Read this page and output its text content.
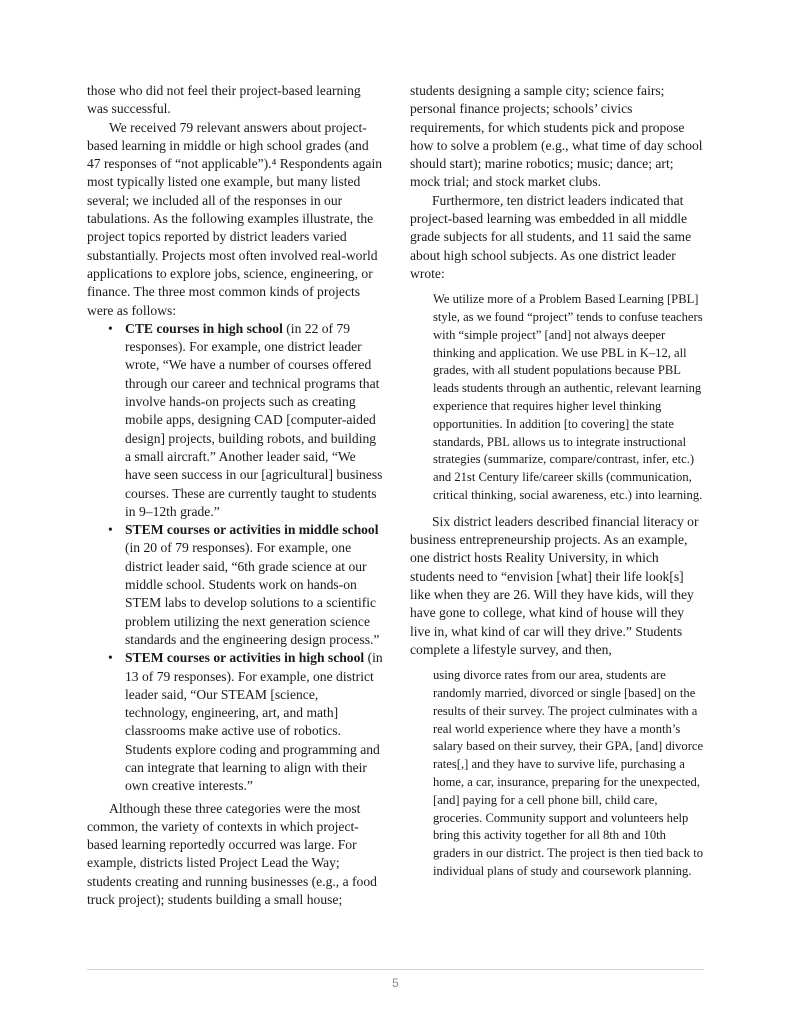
those who did not feel their project-based learning was successful.

We received 79 relevant answers about project-based learning in middle or high school grades (and 47 responses of “not applicable”).⁴ Respondents again most typically listed one example, but many listed several; we included all of the responses in our tabulations. As the following examples illustrate, the project topics reported by district leaders varied substantially. Projects most often involved real-world applications to explore jobs, science, engineering, or finance. The three most common kinds of projects were as follows:

• CTE courses in high school (in 22 of 79 responses). For example, one district leader wrote, “We have a number of courses offered through our career and technical programs that involve hands-on projects such as creating mobile apps, designing CAD [computer-aided design] projects, building robots, and building a small aircraft.” Another leader said, “We have seen success in our [agricultural] business courses. These are currently taught to students in 9–12th grade.”
• STEM courses or activities in middle school (in 20 of 79 responses). For example, one district leader said, “6th grade science at our middle school. Students work on hands-on STEM labs to develop solutions to a scientific problem utilizing the next generation science standards and the engineering design process.”
• STEM courses or activities in high school (in 13 of 79 responses). For example, one district leader said, “Our STEAM [science, technology, engineering, art, and math] classrooms make active use of robotics. Students explore coding and programming and can integrate that learning to align with their own creative interests.”

Although these three categories were the most common, the variety of contexts in which project-based learning reportedly occurred was large. For example, districts listed Project Lead the Way; students creating and running businesses (e.g., a food truck project); students building a small house;

students designing a sample city; science fairs; personal finance projects; schools’ civics requirements, for which students pick and propose how to solve a problem (e.g., what time of day school should start); marine robotics; music; dance; art; mock trial; and stock market clubs.

Furthermore, ten district leaders indicated that project-based learning was embedded in all middle grade subjects for all students, and 11 said the same about high school subjects. As one district leader wrote:

We utilize more of a Problem Based Learning [PBL] style, as we found “project” tends to confuse teachers with “simple project” [and] not always deeper thinking and application. We use PBL in K–12, all grades, with all student populations because PBL leads students through an authentic, relevant learning experience that requires higher level thinking opportunities. In addition [to covering] the state standards, PBL allows us to integrate instructional strategies (summarize, compare/contrast, infer, etc.) and 21st Century life/career skills (communication, critical thinking, social awareness, etc.) into learning.

Six district leaders described financial literacy or business entrepreneurship projects. As an example, one district hosts Reality University, in which students need to “envision [what] their life look[s] like when they are 26. Will they have kids, will they have gone to college, what kind of house will they live in, what kind of car will they drive.” Students complete a lifestyle survey, and then,

using divorce rates from our area, students are randomly married, divorced or single [based] on the results of their survey. The project culminates with a real world experience where they have a month’s salary based on their survey, their GPA, [and] divorce rates[,] and they have to survive life, purchasing a home, a car, insurance, preparing for the unexpected, [and] paying for a cell phone bill, child care, groceries. Community support and volunteers help bring this activity together for all 8th and 10th graders in our district. The project is then tied back to individual plans of study and coursework planning.

5
